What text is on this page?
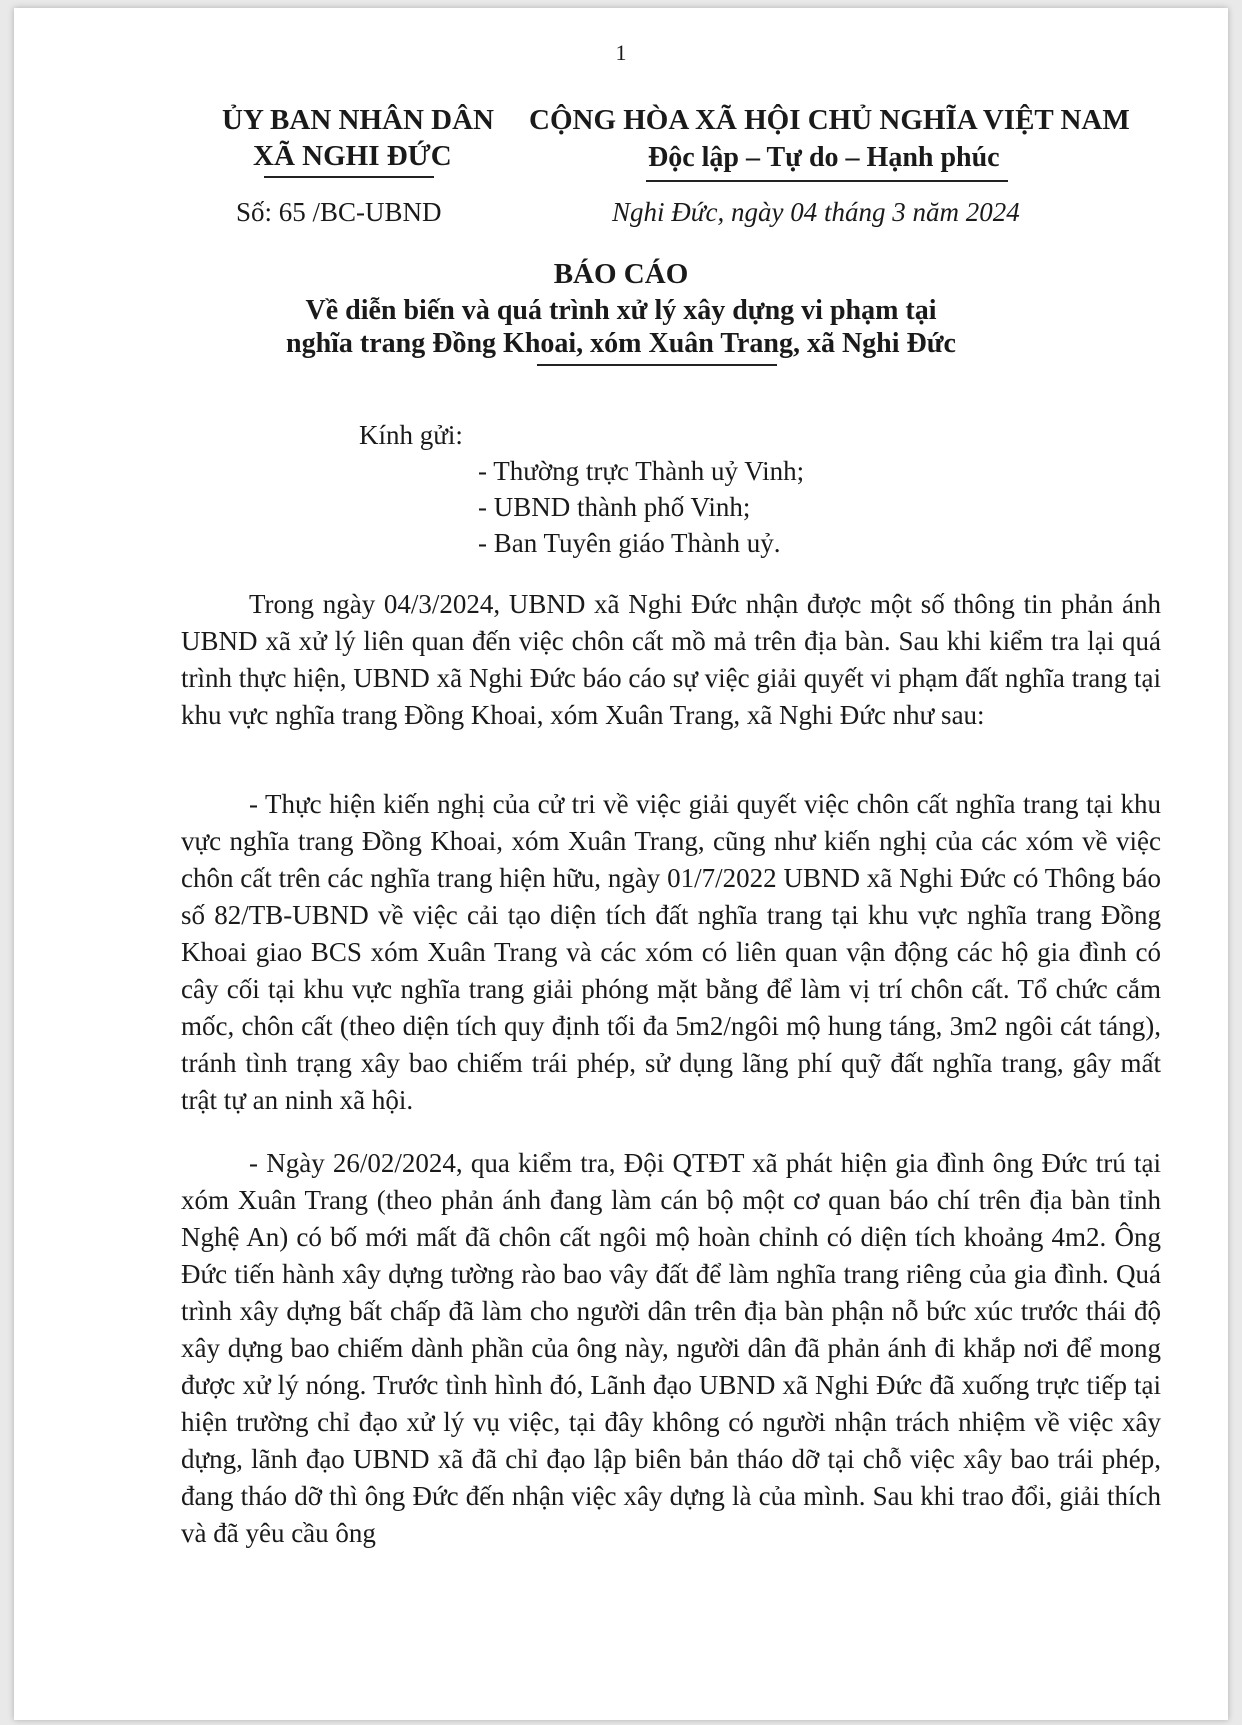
1
ỦY BAN NHÂN DÂN
XÃ NGHI ĐỨC
CỘNG HÒA XÃ HỘI CHỦ NGHĨA VIỆT NAM
Độc lập – Tự do – Hạnh phúc
Số: 65 /BC-UBND	Nghi Đức, ngày 04 tháng 3 năm 2024
BÁO CÁO
Về diễn biến và quá trình xử lý xây dựng vi phạm tại
nghĩa trang Đồng Khoai, xóm Xuân Trang, xã Nghi Đức
Kính gửi:
- Thường trực Thành uỷ Vinh;
- UBND thành phố Vinh;
- Ban Tuyên giáo Thành uỷ.

Trong ngày 04/3/2024, UBND xã Nghi Đức nhận được một số thông tin phản ánh UBND xã xử lý liên quan đến việc chôn cất mồ mả trên địa bàn. Sau khi kiểm tra lại quá trình thực hiện, UBND xã Nghi Đức báo cáo sự việc giải quyết vi phạm đất nghĩa trang tại khu vực nghĩa trang Đồng Khoai, xóm Xuân Trang, xã Nghi Đức như sau:

- Thực hiện kiến nghị của cử tri về việc giải quyết việc chôn cất nghĩa trang tại khu vực nghĩa trang Đồng Khoai, xóm Xuân Trang, cũng như kiến nghị của các xóm về việc chôn cất trên các nghĩa trang hiện hữu, ngày 01/7/2022 UBND xã Nghi Đức có Thông báo số 82/TB-UBND về việc cải tạo diện tích đất nghĩa trang tại khu vực nghĩa trang Đồng Khoai giao BCS xóm Xuân Trang và các xóm có liên quan vận động các hộ gia đình có cây cối tại khu vực nghĩa trang giải phóng mặt bằng để làm vị trí chôn cất. Tổ chức cắm mốc, chôn cất (theo diện tích quy định tối đa 5m2/ngôi mộ hung táng, 3m2 ngôi cát táng), tránh tình trạng xây bao chiếm trái phép, sử dụng lãng phí quỹ đất nghĩa trang, gây mất trật tự an ninh xã hội.

- Ngày 26/02/2024, qua kiểm tra, Đội QTĐT xã phát hiện gia đình ông Đức trú tại xóm Xuân Trang (theo phản ánh đang làm cán bộ một cơ quan báo chí trên địa bàn tỉnh Nghệ An) có bố mới mất đã chôn cất ngôi mộ hoàn chỉnh có diện tích khoảng 4m2. Ông Đức tiến hành xây dựng tường rào bao vây đất để làm nghĩa trang riêng của gia đình. Quá trình xây dựng bất chấp đã làm cho người dân trên địa bàn phận nỗ bức xúc trước thái độ xây dựng bao chiếm dành phần của ông này, người dân đã phản ánh đi khắp nơi để mong được xử lý nóng. Trước tình hình đó, Lãnh đạo UBND xã Nghi Đức đã xuống trực tiếp tại hiện trường chỉ đạo xử lý vụ việc, tại đây không có người nhận trách nhiệm về việc xây dựng, lãnh đạo UBND xã đã chỉ đạo lập biên bản tháo dỡ tại chỗ việc xây bao trái phép, đang tháo dỡ thì ông Đức đến nhận việc xây dựng là của mình. Sau khi trao đổi, giải thích và đã yêu cầu ông
